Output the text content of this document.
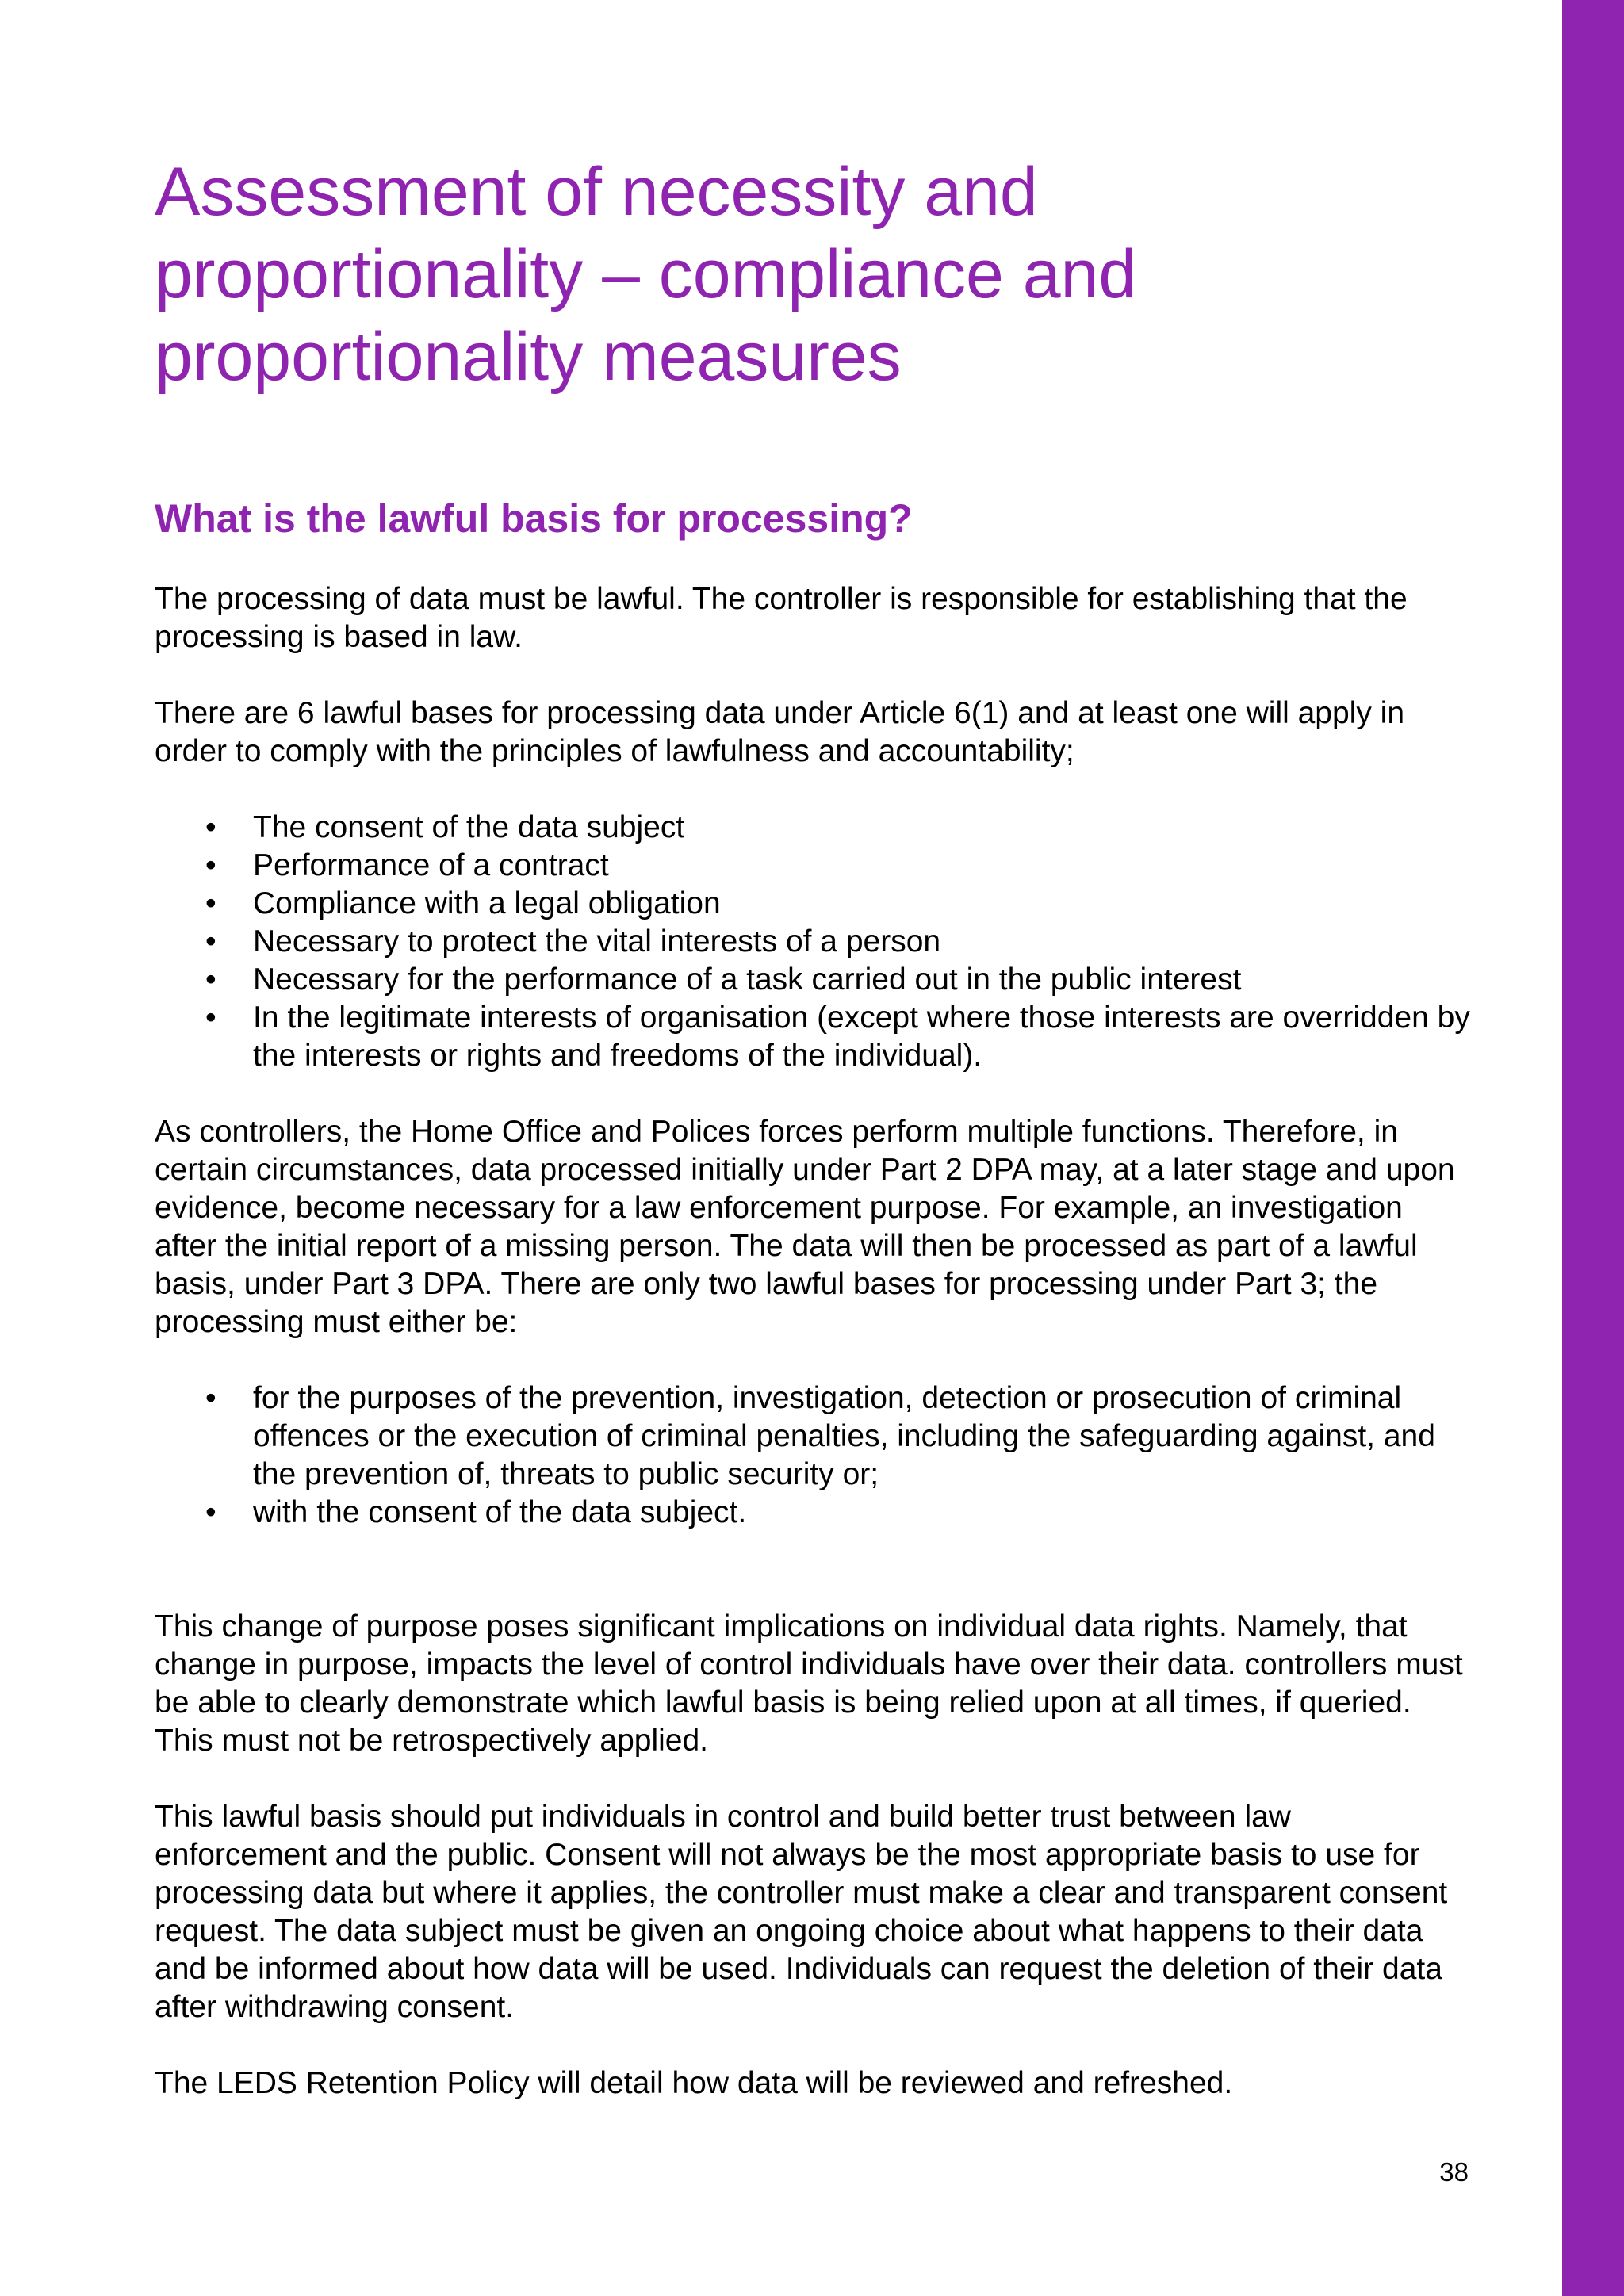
Assessment of necessity and proportionality – compliance and proportionality measures
What is the lawful basis for processing?

The processing of data must be lawful. The controller is responsible for establishing that the processing is based in law.

There are 6 lawful bases for processing data under Article 6(1) and at least one will apply in order to comply with the principles of lawfulness and accountability;

• The consent of the data subject
• Performance of a contract
• Compliance with a legal obligation
• Necessary to protect the vital interests of a person
• Necessary for the performance of a task carried out in the public interest
• In the legitimate interests of organisation (except where those interests are overridden by the interests or rights and freedoms of the individual).

As controllers, the Home Office and Polices forces perform multiple functions. Therefore, in certain circumstances, data processed initially under Part 2 DPA may, at a later stage and upon evidence, become necessary for a law enforcement purpose. For example, an investigation after the initial report of a missing person. The data will then be processed as part of a lawful basis, under Part 3 DPA. There are only two lawful bases for processing under Part 3; the processing must either be:

• for the purposes of the prevention, investigation, detection or prosecution of criminal offences or the execution of criminal penalties, including the safeguarding against, and the prevention of, threats to public security or;
• with the consent of the data subject.

This change of purpose poses significant implications on individual data rights. Namely, that change in purpose, impacts the level of control individuals have over their data. controllers must be able to clearly demonstrate which lawful basis is being relied upon at all times, if queried. This must not be retrospectively applied.

This lawful basis should put individuals in control and build better trust between law enforcement and the public. Consent will not always be the most appropriate basis to use for processing data but where it applies, the controller must make a clear and transparent consent request. The data subject must be given an ongoing choice about what happens to their data and be informed about how data will be used. Individuals can request the deletion of their data after withdrawing consent.

The LEDS Retention Policy will detail how data will be reviewed and refreshed.

38
